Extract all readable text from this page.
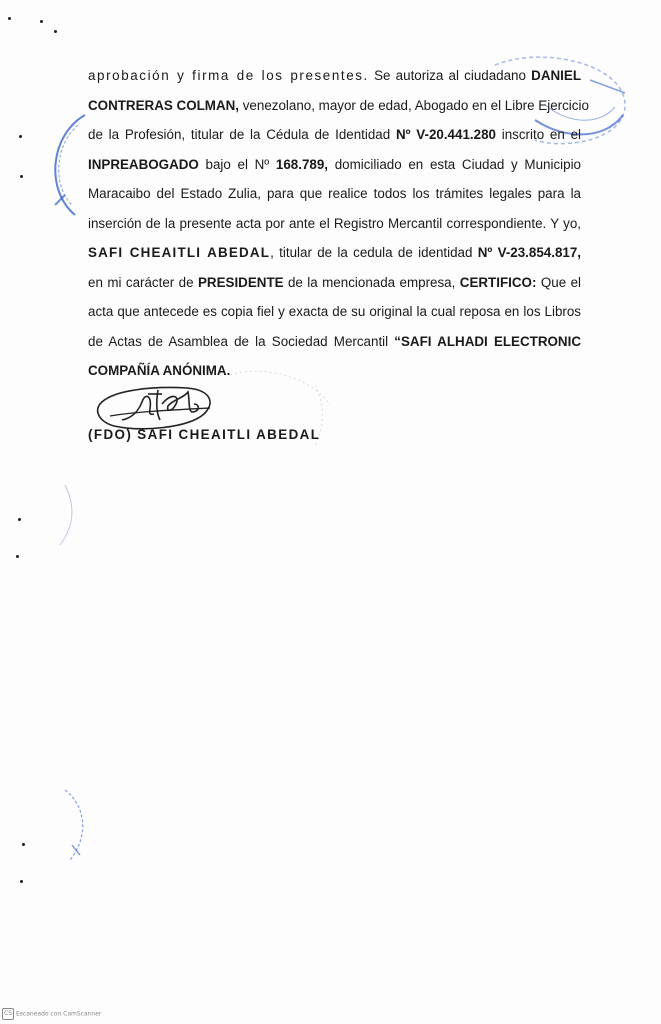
aprobación y firma de los presentes. Se autoriza al ciudadano DANIEL
CONTRERAS COLMAN, venezolano, mayor de edad, Abogado en el Libre Ejercicio
de la Profesión, titular de la Cédula de Identidad Nº V-20.441.280 inscrito en el
INPREABOGADO bajo el Nº 168.789, domiciliado en esta Ciudad y Municipio
Maracaibo del Estado Zulia, para que realice todos los trámites legales para la
inserción de la presente acta por ante el Registro Mercantil correspondiente. Y yo,
SAFI CHEAITLI ABEDAL, titular de la cedula de identidad Nº V-23.854.817,
en mi carácter de PRESIDENTE de la mencionada empresa, CERTIFICO: Que el
acta que antecede es copia fiel y exacta de su original la cual reposa en los Libros
de Actas de Asamblea de la Sociedad Mercantil “SAFI ALHADI ELECTRONIC
COMPAÑÍA ANÓNIMA.
(FDO) SAFI CHEAITLI ABEDAL
CS Escaneado con CamScanner
